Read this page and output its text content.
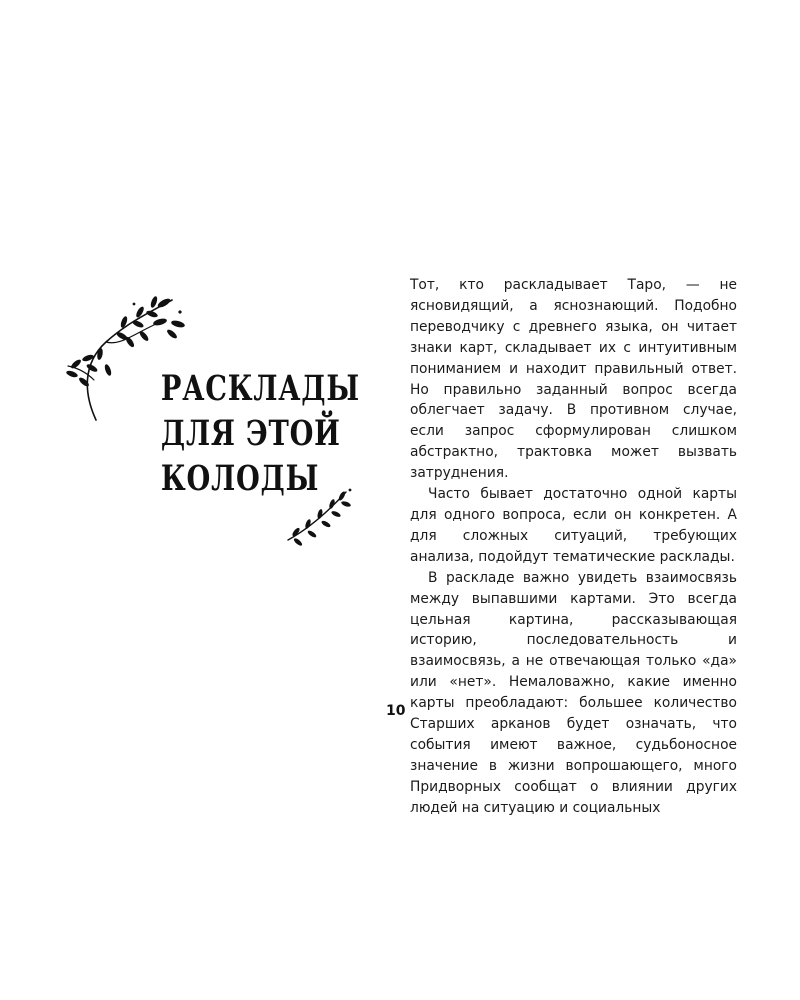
РАСКЛАДЫ
ДЛЯ ЭТОЙ
КОЛОДЫ

Тот, кто раскладывает Таро, — не ясновидящий, а яснознающий. Подобно переводчику с древнего языка, он читает знаки карт, складывает их с интуитивным пониманием и находит правильный ответ. Но правильно заданный вопрос всегда облегчает задачу. В противном случае, если запрос сформулирован слишком абстрактно, трактовка может вызвать затруднения.

Часто бывает достаточно одной карты для одного вопроса, если он конкретен. А для сложных ситуаций, требующих анализа, подойдут тематические расклады.

В раскладе важно увидеть взаимосвязь между выпавшими картами. Это всегда цельная картина, рассказывающая историю, последовательность и взаимосвязь, а не отвечающая только «да» или «нет». Немаловажно, какие именно карты преобладают: большее количество Старших арканов будет означать, что события имеют важное, судьбоносное значение в жизни вопрошающего, много Придворных сообщат о влиянии других людей на ситуацию и социальных

10
